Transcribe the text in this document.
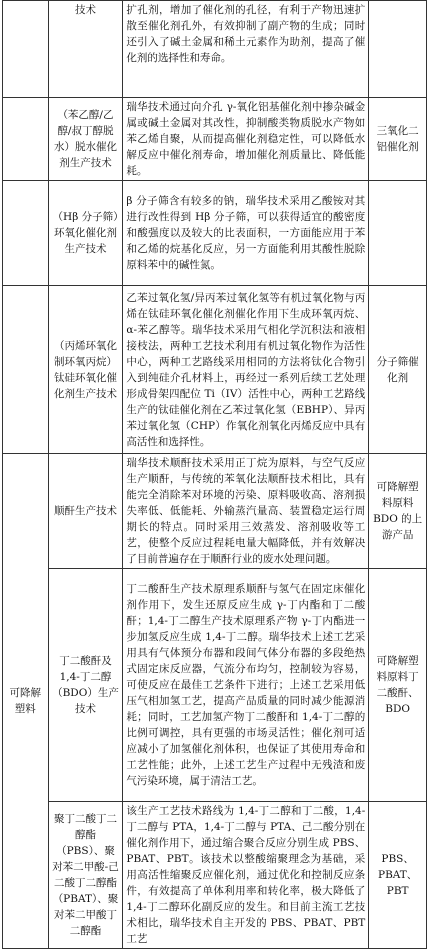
	技术	扩孔剂，增加了催化剂的孔径，有利于产物迅速扩散至催化剂孔外，有效抑制了副产物的生成；同时还引入了碱土金属和稀土元素作为助剂，提高了催化剂的选择性和寿命。	
	（苯乙醇/乙醇/叔丁醇脱水）脱水催化剂生产技术	瑞华技术通过向介孔 γ-氧化铝基催化剂中掺杂碱金属或碱土金属对其改性，抑制酸类物质脱水产物如苯乙烯自聚，从而提高催化剂稳定性，可以降低水解反应中催化剂寿命，增加催化剂质量比、降低能耗。	三氧化二铝催化剂
	（Hβ 分子筛）环氧化催化剂生产技术	β 分子筛含有较多的钠，瑞华技术采用乙酸铵对其进行改性得到 Hβ 分子筛，可以获得适宜的酸密度和酸强度以及较大的比表面积，一方面能应用于苯和乙烯的烷基化反应，另一方面能利用其酸性脱除原料苯中的碱性氮。	
	（丙烯环氧化制环氧丙烷）钛硅环氧化催化剂生产技术	乙苯过氧化氢/异丙苯过氧化氢等有机过氧化物与丙烯在钛硅环氧化催化剂催化作用下生成环氧丙烷、α-苯乙醇等。瑞华技术采用气相化学沉积法和液相接枝法，两种工艺技术利用有机过氧化物作为活性中心，两种工艺路线采用相同的方法将钛化合物引入到纯硅介孔材料上，再经过一系列后续工艺处理形成骨架四配位 Ti（IV）活性中心，两种工艺路线生产的钛硅催化剂在乙苯过氧化氢（EBHP）、异丙苯过氧化氢（CHP）作氧化剂氧化丙烯反应中具有高活性和选择性。	分子筛催化剂
可降解塑料	顺酐生产技术	瑞华技术顺酐技术采用正丁烷为原料，与空气反应生产顺酐，与传统的苯氧化法顺酐技术相比，具有能完全消除苯对环境的污染、原料吸收高、溶剂损失率低、低能耗、外输蒸汽量高、装置稳定运行周期长的特点。同时采用三效蒸发、溶剂吸收等工艺，使整个反应过程耗电量大幅降低，并有效解决了目前普遍存在于顺酐行业的废水处理问题。	可降解塑料原料 BDO 的上游产品
	丁二酸酐及 1,4-丁二醇（BDO）生产技术	丁二酸酐生产技术原理系顺酐与氢气在固定床催化剂作用下，发生还原反应生成 γ-丁内酯和丁二酸酐；1,4-丁二醇生产技术原理系产物 γ-丁内酯进一步加氢反应生成 1,4-丁二醇。瑞华技术上述工艺采用具有气体预分布器和段间气体分布器的多段绝热式固定床反应器，气流分布均匀，控制较为容易，可使反应在最佳工艺条件下进行；上述工艺采用低压气相加氢工艺，提高产品质量的同时减少能源消耗；同时，工艺加氢产物丁二酸酐和 1,4-丁二醇的比例可调控，具有更强的市场灵活性；催化剂可适应减小了加氢催化剂体积，也保证了其使用寿命和工艺性能；此外，上述工艺生产过程中无残渣和废气污染环境，属于清洁工艺。	可降解塑料原料丁二酸酐、BDO
	聚丁二酸丁二醇酯（PBS）、聚对苯二甲酸-己二酸丁二醇酯（PBAT）、聚对苯二甲酸丁二醇酯	该生产工艺技术路线为 1,4-丁二醇和丁二酸，1,4-丁二醇与 PTA，1,4-丁二醇与 PTA、己二酸分别在催化剂作用下，通过缩合聚合反应分别生成 PBS、PBAT、PBT。该技术以整酸缩聚理念为基础，采用高活性缩聚反应催化剂，通过优化和控制反应条件，有效提高了单体利用率和转化率，极大降低了 1,4-丁二醇环化副反应的发生。和目前主流工艺技术相比，瑞华技术自主开发的 PBS、PBAT、PBT 工艺	PBS、PBAT、PBT
